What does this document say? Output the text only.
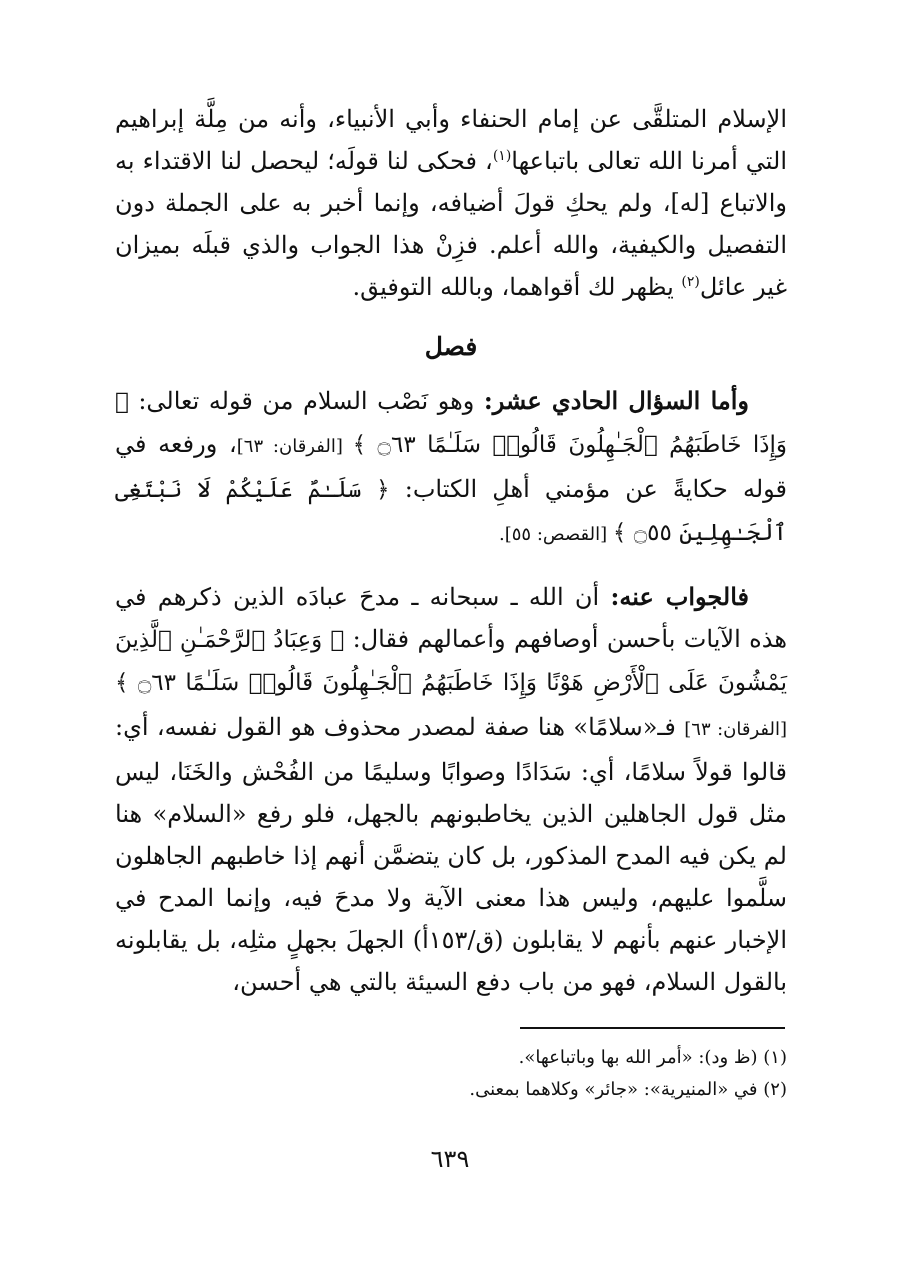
الإسلام المتلقَّى عن إمام الحنفاء وأبي الأنبياء، وأنه من مِلَّة إبراهيم التي أمرنا الله تعالى باتباعها$^{(١)}$، فحكى لنا قولَه؛ ليحصل لنا الاقتداء به والاتباع [له]، ولم يحكِ قولَ أضيافه، وإنما أخبر به على الجملة دون التفصيل والكيفية، والله أعلم. فزِنْ هذا الجواب والذي قبلَه بميزان غير عائل$^{(٢)}$ يظهر لك أقواهما، وبالله التوفيق.

فصل

وأما السؤال الحادي عشر: وهو نَصْب السلام من قوله تعالى: ﴿ وَإِذَا خَاطَبَهُمُ ٱلْجَـٰهِلُونَ قَالُوا۟ سَلَـٰمًا ۝٦٣ ﴾ [الفرقان: ٦٣]، ورفعه في قوله حكايةً عن مؤمني أهلِ الكتاب: ﴿ سَلَـٰمٌ عَلَيْكُمْ لَا نَبْتَغِى ٱلْجَـٰهِلِينَ ۝٥٥ ﴾ [القصص: ٥٥].

فالجواب عنه: أن الله ـ سبحانه ـ مدحَ عبادَه الذين ذكرهم في هذه الآيات بأحسن أوصافهم وأعمالهم فقال: ﴿ وَعِبَادُ ٱلرَّحْمَـٰنِ ٱلَّذِينَ يَمْشُونَ عَلَى ٱلْأَرْضِ هَوْنًا وَإِذَا خَاطَبَهُمُ ٱلْجَـٰهِلُونَ قَالُوا۟ سَلَـٰمًا ۝٦٣ ﴾ [الفرقان: ٦٣] فـ«سلامًا» هنا صفة لمصدر محذوف هو القول نفسه، أي: قالوا قولاً سلامًا، أي: سَدَادًا وصوابًا وسليمًا من الفُحْش والخَنَا، ليس مثل قول الجاهلين الذين يخاطبونهم بالجهل، فلو رفع «السلام» هنا لم يكن فيه المدح المذكور، بل كان يتضمَّن أنهم إذا خاطبهم الجاهلون سلَّموا عليهم، وليس هذا معنى الآية ولا مدحَ فيه، وإنما المدح في الإخبار عنهم بأنهم لا يقابلون (ق/١٥٣أ) الجهلَ بجهلٍ مثلِه، بل يقابلونه بالقول السلام، فهو من باب دفع السيئة بالتي هي أحسن،

(١) (ظ ود): «أمر الله بها وباتباعها».

(٢) في «المنيرية»: «جائر» وكلاهما بمعنى.

٦٣٩
